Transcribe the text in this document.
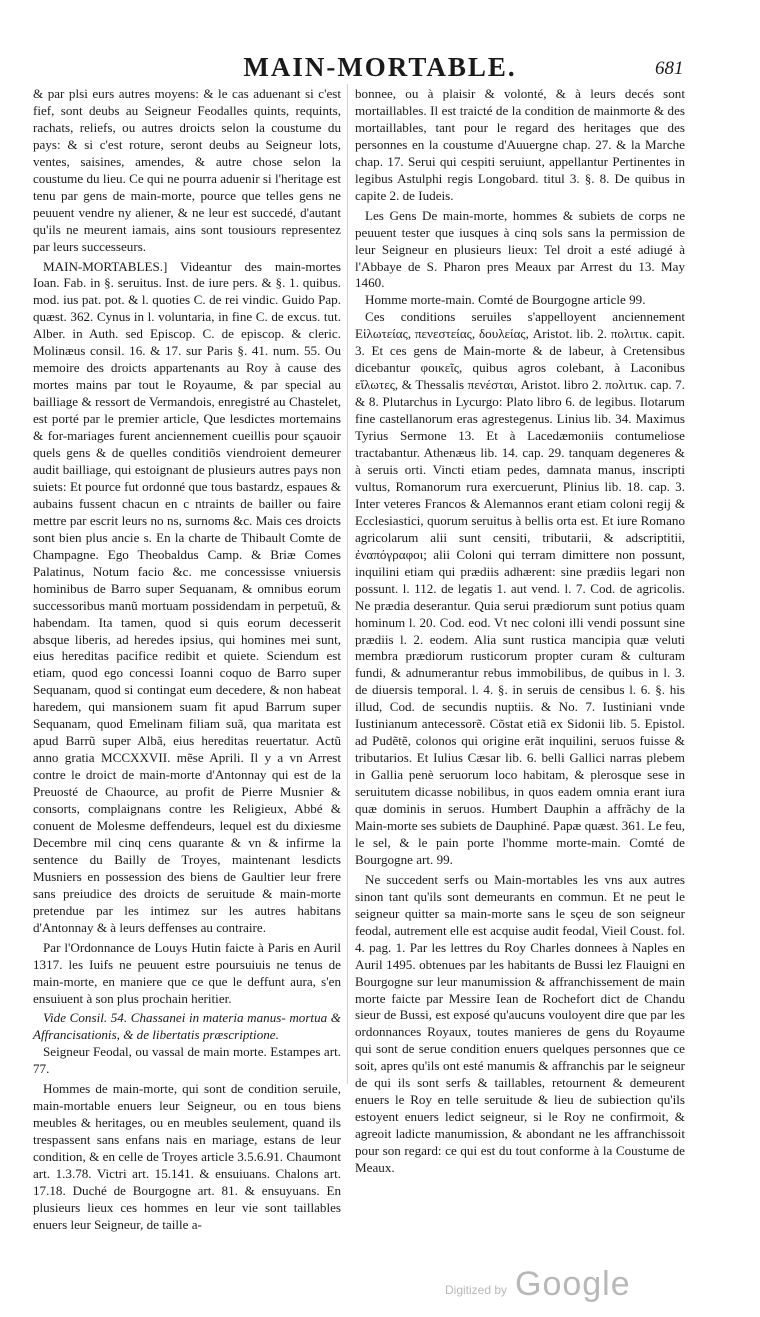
MAIN-MORTABLE.	681

& par plsi eurs autres moyens: & le cas aduenant si c'est fief, sont deubs au Seigneur Feodalles quints, requints, rachats, reliefs, ou autres droicts selon la coustume du pays: & si c'est roture, seront deubs au Seigneur lots, ventes, saisines, amendes, & autre chose selon la coustume du lieu. Ce qui ne pourra aduenir si l'heritage est tenu par gens de main-morte, pource que telles gens ne peuuent vendre ny aliener, & ne leur est succedé, d'autant qu'ils ne meurent iamais, ains sont tousiours representez par leurs successeurs.

MAIN-MORTABLES.] Videantur des main-mortes Ioan. Fab. in §. seruitus. Inst. de iure pers. & §. 1. quibus. mod. ius pat. pot. & l. quoties C. de rei vindic. Guido Pap. quæst. 362. Cynus in l. voluntaria, in fine C. de excus. tut. Alber. in Auth. sed Episcop. C. de episcop. & cleric. Molinæus consil. 16. & 17. sur Paris §. 41. num. 55. Ou memoire des droicts appartenants au Roy à cause des mortes mains par tout le Royaume, & par special au bailliage & ressort de Vermandois, enregistré au Chastelet, est porté par le premier article, Que lesdictes mortemains & for-mariages furent anciennement cueillis pour sçauoir quels gens & de quelles conditiõs viendroient demeurer audit bailliage, qui estoignant de plusieurs autres pays non suiets: Et pource fut ordonné que tous bastardz, espaues & aubains fussent chacun en c ntraints de bailler ou faire mettre par escrit leurs no ns, surnoms &c. Mais ces droicts sont bien plus ancie s. En la charte de Thibault Comte de Champagne. Ego Theobaldus Camp. & Briæ Comes Palatinus, Notum facio &c. me concessisse vniuersis hominibus de Barro super Sequanam, & omnibus eorum successoribus manũ mortuam possidendam in perpetuũ, & habendam. Ita tamen, quod si quis eorum decesserit absque liberis, ad heredes ipsius, qui homines mei sunt, eius hereditas pacifice redibit et quiete. Sciendum est etiam, quod ego concessi Ioanni coquo de Barro super Sequanam, quod si contingat eum decedere, & non habeat haredem, qui mansionem suam fit apud Barrum super Sequanam, quod Emelinam filiam suã, qua maritata est apud Barrũ super Albã, eius hereditas reuertatur. Actũ anno gratia MCCXXVII. mẽse Aprili. Il y a vn Arrest contre le droict de main-morte d'Antonnay qui est de la Preuosté de Chaource, au profit de Pierre Musnier & consorts, complaignans contre les Religieux, Abbé & conuent de Molesme deffendeurs, lequel est du dixiesme Decembre mil cinq cens quarante & vn & infirme la sentence du Bailly de Troyes, maintenant lesdicts Musniers en possession des biens de Gaultier leur frere sans preiudice des droicts de seruitude & main-morte pretendue par les intimez sur les autres habitans d'Antonnay & à leurs deffenses au contraire.

Par l'Ordonnance de Louys Hutin faicte à Paris en Auril 1317. les Iuifs ne peuuent estre poursuiuis ne tenus de main-morte, en maniere que ce que le deffunt aura, s'en ensuiuent à son plus prochain heritier.

Vide Consil. 54. Chassanei in materia manus- mortua & Affrancisationis, & de libertatis præscriptione.

Seigneur Feodal, ou vassal de main morte. Estampes art. 77.

Hommes de main-morte, qui sont de condition seruile, main-mortable enuers leur Seigneur, ou en tous biens meubles & heritages, ou en meubles seulement, quand ils trespassent sans enfans nais en mariage, estans de leur condition, & en celle de Troyes article 3.5.6.91. Chaumont art. 1.3.78. Victri art. 15.141. & ensuiuans. Chalons art. 17.18. Duché de Bourgogne art. 81. & ensuyuans. En plusieurs lieux ces hommes en leur vie sont taillables enuers leur Seigneur, de taille a-

bonnee, ou à plaisir & volonté, & à leurs decés sont mortaillables. Il est traicté de la condition de mainmorte & des mortaillables, tant pour le regard des heritages que des personnes en la coustume d'Auuergne chap. 27. & la Marche chap. 17. Serui qui cespiti seruiunt, appellantur Pertinentes in legibus Astulphi regis Longobard. titul 3. §. 8. De quibus in capite 2. de Iudeis.

Les Gens De main-morte, hommes & subiets de corps ne peuuent tester que iusques à cinq sols sans la permission de leur Seigneur en plusieurs lieux: Tel droit a esté adiugé à l'Abbaye de S. Pharon pres Meaux par Arrest du 13. May 1460.

Homme morte-main. Comté de Bourgogne article 99.

Ces conditions seruiles s'appelloyent anciennement Εἱλωτείας, πενεστείας, δουλείας, Aristot. lib. 2. πολιτικ. capit. 3. Et ces gens de Main-morte & de labeur, à Cretensibus dicebantur φοικεῖς, quibus agros colebant, à Laconibus εἵλωτες, & Thessalis πενέσται, Aristot. libro 2. πολιτικ. cap. 7. & 8. Plutarchus in Lycurgo: Plato libro 6. de legibus. Ilotarum fine castellanorum eras agrestegenus. Linius lib. 34. Maximus Tyrius Sermone 13. Et à Lacedæmoniis contumeliose tractabantur. Athenæus lib. 14. cap. 29. tanquam degeneres & à seruis orti. Vincti etiam pedes, damnata manus, inscripti vultus, Romanorum rura exercuerunt, Plinius lib. 18. cap. 3. Inter veteres Francos & Alemannos erant etiam coloni regij & Ecclesiastici, quorum seruitus à bellis orta est. Et iure Romano agricolarum alii sunt censiti, tributarii, & adscriptitii, ἐναπόγραφοι; alii Coloni qui terram dimittere non possunt, inquilini etiam qui prædiis adhærent: sine prædiis legari non possunt. l. 112. de legatis 1. aut vend. l. 7. Cod. de agricolis. Ne prædia deserantur. Quia serui prædiorum sunt potius quam hominum l. 20. Cod. eod. Vt nec coloni illi vendi possunt sine prædiis l. 2. eodem. Alia sunt rustica mancipia quæ veluti membra prædiorum rusticorum propter curam & culturam fundi, & adnumerantur rebus immobilibus, de quibus in l. 3. de diuersis temporal. l. 4. §. in seruis de censibus l. 6. §. his illud, Cod. de secundis nuptiis. & No. 7. Iustiniani vnde Iustinianum antecessorẽ. Cõstat etiã ex Sidonii lib. 5. Epistol. ad Pudẽtẽ, colonos qui origine erãt inquilini, seruos fuisse & tributarios. Et Iulius Cæsar lib. 6. belli Gallici narras plebem in Gallia penè seruorum loco habitam, & plerosque sese in seruitutem dicasse nobilibus, in quos eadem omnia erant iura quæ dominis in seruos. Humbert Dauphin a affrãchy de la Main-morte ses subiets de Dauphiné. Papæ quæst. 361. Le feu, le sel, & le pain porte l'homme morte-main. Comté de Bourgogne art. 99.

Ne succedent serfs ou Main-mortables les vns aux autres sinon tant qu'ils sont demeurants en commun. Et ne peut le seigneur quitter sa main-morte sans le sçeu de son seigneur feodal, autrement elle est acquise audit feodal, Vieil Coust. fol. 4. pag. 1. Par les lettres du Roy Charles donnees à Naples en Auril 1495. obtenues par les habitants de Bussi lez Flauigni en Bourgogne sur leur manumission & affranchissement de main morte faicte par Messire Iean de Rochefort dict de Chandu sieur de Bussi, est exposé qu'aucuns vouloyent dire que par les ordonnances Royaux, toutes manieres de gens du Royaume qui sont de serue condition enuers quelques personnes que ce soit, apres qu'ils ont esté manumis & affranchis par le seigneur de qui ils sont serfs & taillables, retournent & demeurent enuers le Roy en telle seruitude & lieu de subiection qu'ils estoyent enuers ledict seigneur, si le Roy ne confirmoit, & agreoit ladicte manumission, & abondant ne les affranchissoit pour son regard: ce qui est du tout conforme à la Coustume de Meaux.

Digitized by Google
